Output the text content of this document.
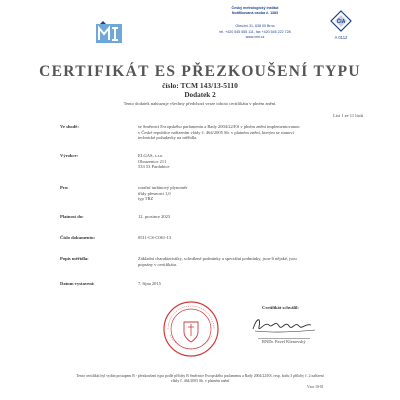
Český metrologický institut
Notifikovaná osoba č. 1383
Okružní 31, 638 00 Brno
tel. +420 545 555 111, fax +420 545 222 728
www.cmi.cz
ČIA
A 0112
CERTIFIKÁT ES PŘEZKOUŠENÍ TYPU
číslo: TCM 143/13-5110
Dodatek 2
Tento dodatek nahrazuje všechny předchozí verze tohoto certifikátu v plném znění.
List 1 ze 11 listů
Ve shodě:	se Směrnicí Evropského parlamentu a Rady 2004/22/ES v plném znění implementovanou
v České republice nařízením vlády č. 464/2005 Sb. v platném znění, kterým se stanoví
technické požadavky na měřidla.
Výrobce:	ELGAS, s.r.o.
Ohrazenice 211
533 53 Pardubice
Pro:	rotační turbínový plynoměr
třídy přesnosti 1,0
typ TRZ
Platnost do:	12. prosince 2023
Číslo dokumentu:	0511-CS-C061-13
Popis měřidla:	Základní charakteristiky, schválené podmínky a speciální podmínky, jsou-li nějaké, jsou
popsány v certifikátu.
Datum vystavení:	7. října 2015
Certifikát schválil:
RNDr. Pavel Klenovský
Tento certifikát byl vydán postupem B - přezkoušení typu podle přílohy B Směrnice Evropského parlamentu a Rady 2004/22/ES, resp. bodu 3 přílohy č. 2 nařízení vlády č. 464/2005 Sb. v platném znění
Vzor 10-01
